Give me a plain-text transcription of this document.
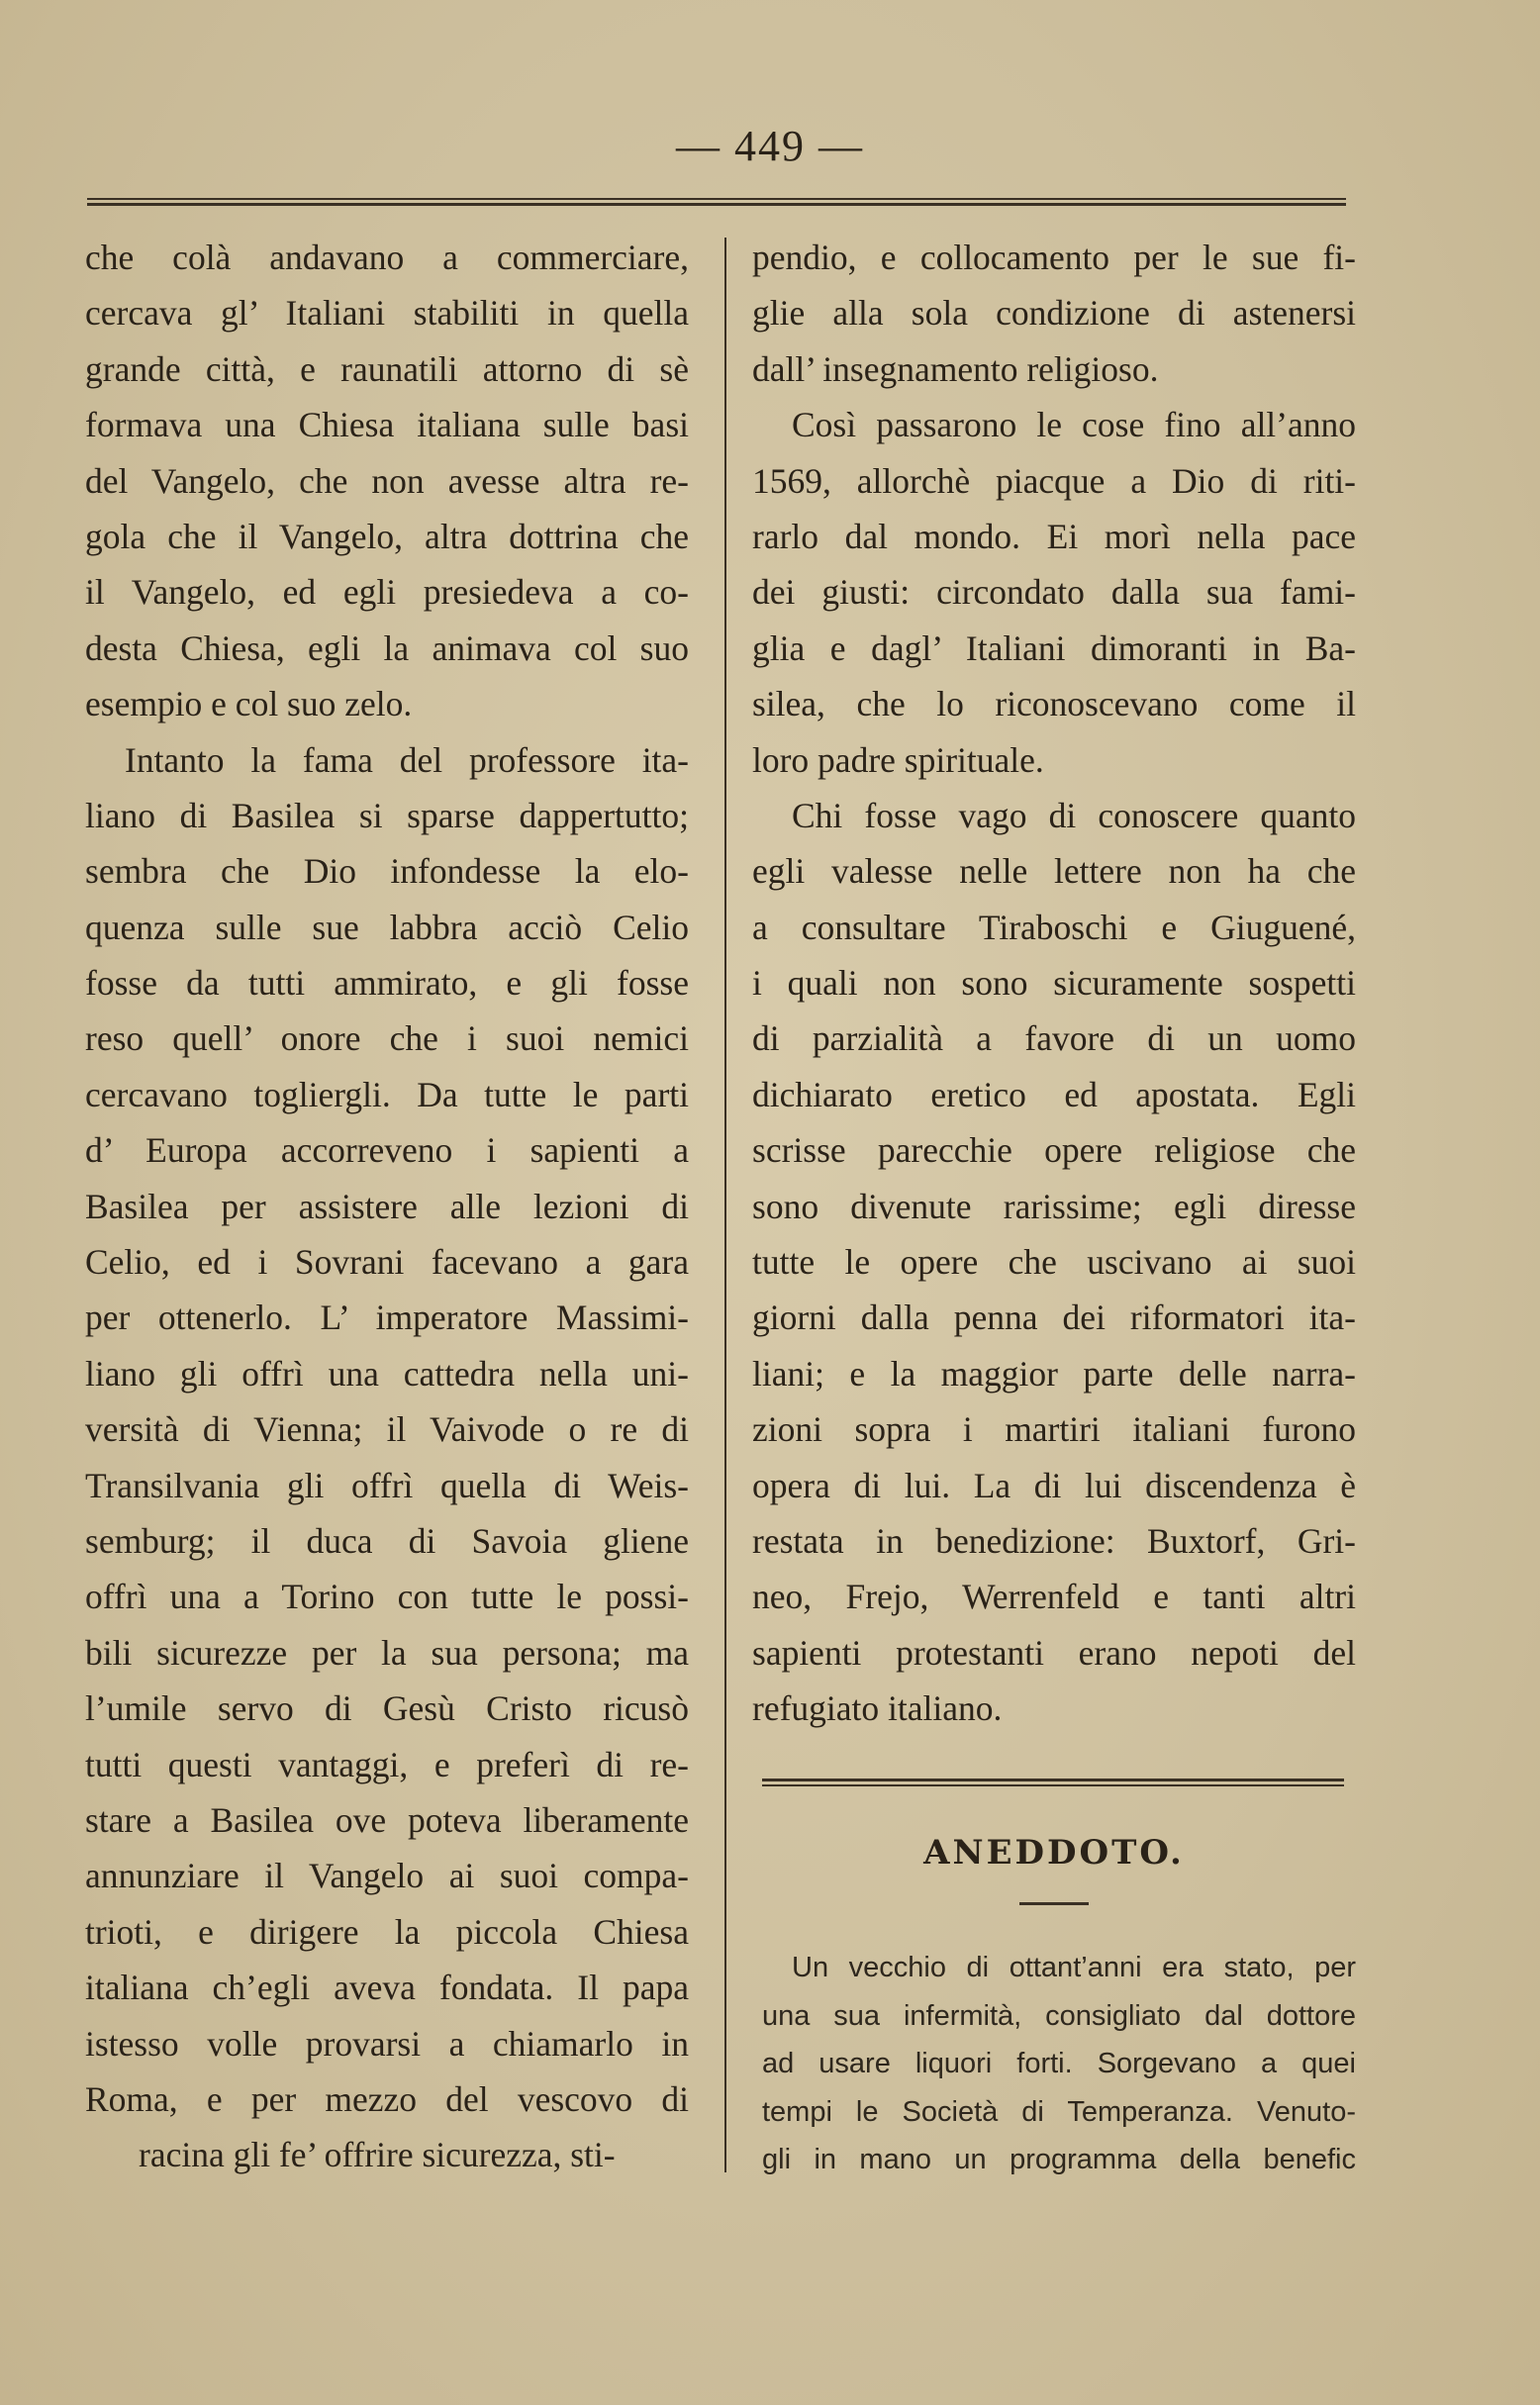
— 449 —
che colà andavano a commerciare,
cercava gl’ Italiani stabiliti in quella
grande città, e raunatili attorno di sè
formava una Chiesa italiana sulle basi
del Vangelo, che non avesse altra re-
gola che il Vangelo, altra dottrina che
il Vangelo, ed egli presiedeva a co-
desta Chiesa, egli la animava col suo
esempio e col suo zelo.
Intanto la fama del professore ita-
liano di Basilea si sparse dappertutto;
sembra che Dio infondesse la elo-
quenza sulle sue labbra acciò Celio
fosse da tutti ammirato, e gli fosse
reso quell’ onore che i suoi nemici
cercavano togliergli. Da tutte le parti
d’ Europa accorreveno i sapienti a
Basilea per assistere alle lezioni di
Celio, ed i Sovrani facevano a gara
per ottenerlo. L’ imperatore Massimi-
liano gli offrì una cattedra nella uni-
versità di Vienna; il Vaivode o re di
Transilvania gli offrì quella di Weis-
semburg; il duca di Savoia gliene
offrì una a Torino con tutte le possi-
bili sicurezze per la sua persona; ma
l’umile servo di Gesù Cristo ricusò
tutti questi vantaggi, e preferì di re-
stare a Basilea ove poteva liberamente
annunziare il Vangelo ai suoi compa-
trioti, e dirigere la piccola Chiesa
italiana ch’egli aveva fondata. Il papa
istesso volle provarsi a chiamarlo in
Roma, e per mezzo del vescovo di
racina gli fe’ offrire sicurezza, sti-
pendio, e collocamento per le sue fi-
glie alla sola condizione di astenersi
dall’ insegnamento religioso.
Così passarono le cose fino all’anno
1569, allorchè piacque a Dio di riti-
rarlo dal mondo. Ei morì nella pace
dei giusti: circondato dalla sua fami-
glia e dagl’ Italiani dimoranti in Ba-
silea, che lo riconoscevano come il
loro padre spirituale.
Chi fosse vago di conoscere quanto
egli valesse nelle lettere non ha che
a consultare Tiraboschi e Giuguené,
i quali non sono sicuramente sospetti
di parzialità a favore di un uomo
dichiarato eretico ed apostata. Egli
scrisse parecchie opere religiose che
sono divenute rarissime; egli diresse
tutte le opere che uscivano ai suoi
giorni dalla penna dei riformatori ita-
liani; e la maggior parte delle narra-
zioni sopra i martiri italiani furono
opera di lui. La di lui discendenza è
restata in benedizione: Buxtorf, Gri-
neo, Frejo, Werrenfeld e tanti altri
sapienti protestanti erano nepoti del
refugiato italiano.
ANEDDOTO.
Un vecchio di ottant’anni era stato, per
una sua infermità, consigliato dal dottore
ad usare liquori forti. Sorgevano a quei
tempi le Società di Temperanza. Venuto-
gli in mano un programma della benefic
